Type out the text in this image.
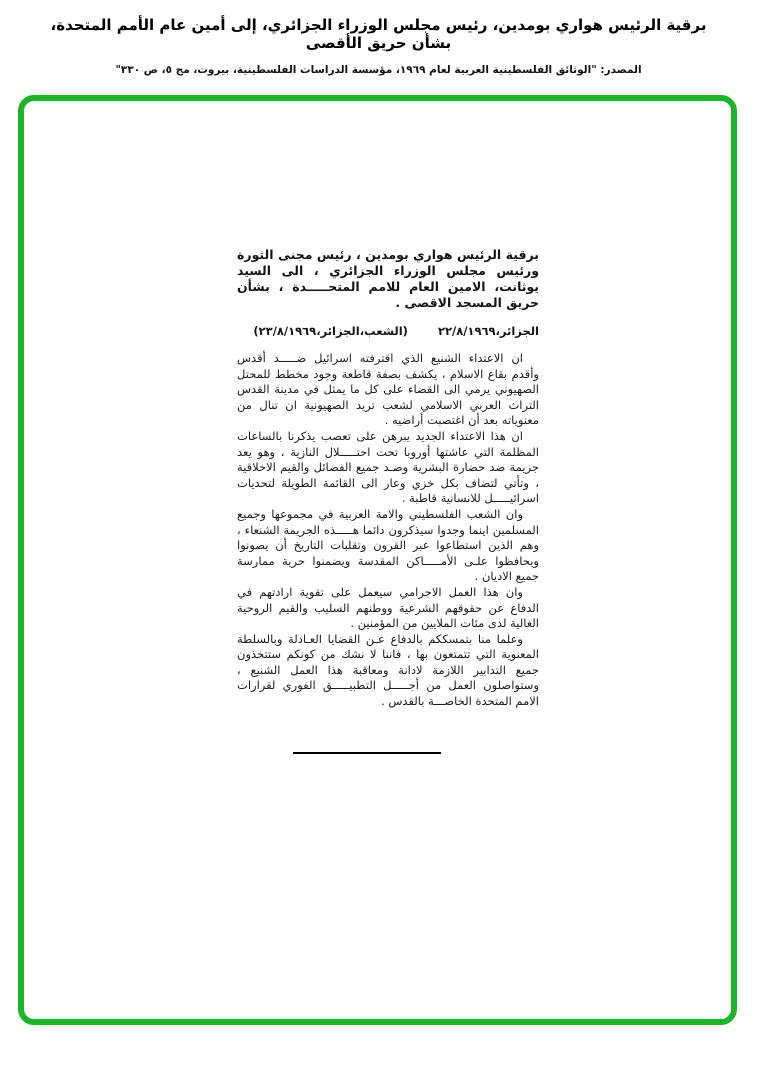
برقية الرئيس هواري بومدين، رئيس مجلس الوزراء الجزائري، إلى أمين عام الأمم المتحدة، بشأن حريق الأقصى
المصدر: "الوثائق الفلسطينية العربية لعام ١٩٦٩، مؤسسة الدراسات الفلسطينية، بيروت، مج ٥، ص ٣٣٠"
برقية الرئيس هواري بومدين ، رئيس مجنى الثورة ورئيس مجلس الوزراء الجزائري ، الى السيد يوثانت، الامين العام للامم المتحـــــدة ، بشأن حريق المسجد الاقصى .
الجزائر،٢٢/٨/١٩٦٩ (الشعب،الجزائر،٢٣/٨/١٩٦٩)

ان الاعتداء الشنيع الذي اقترفته اسرائيل ضـــــد أقدس وأقدم بقاع الاسلام ، يكشف بصفة قاطعة وجود مخطط للمحتل الصهيوني يرمي الى القضاء على كل ما يمثل في مدينة القدس التراث العربي الاسلامي لشعب تريد الصهيونية ان تنال من معنوياته بعد أن اغتصبت أراضيه .

ان هذا الاعتداء الجديد يبرهن على تعصب يذكرنا بالساعات المظلمة التي عاشتها أوروبا تحت احتـــــلال النازية ، وهو يعد جريمة ضد حضارة البشرية وضـد جميع الفضائل والقيم الاخلاقية ، وتأتي لتضاف بكل خزي وعار الى القائمة الطويلة لتحديات اسرائيـــــل للانسانية قاطبة .

وان الشعب الفلسطيني والامة العربية في مجموعها وجميع المسلمين اينما وجدوا سيذكرون دائما هـــــذه الجريمة الشنعاء ، وهم الذين استطاعوا عبر القرون وتقلبات التاريخ أن يصونوا ويحافظوا علـى الأمـــــاكن المقدسة ويضمنوا حرية ممارسة جميع الاديان .

وان هذا العمل الاجرامي سيعمل على تقوية ارادتهم في الدفاع عن حقوقهم الشرعية ووطنهم السليب والقيم الروحية الغالية لدى مئات الملايين من المؤمنين .

وعلما منا بتمسككم بالدفاع عـن القضايا العـادلة وبالسلطة المعنوية التي تتمتعون بها ، فاننا لا نشك من كونكم ستتخذون جميع التدابير اللازمة لادانة ومعاقبة هذا العمل الشنيع ، وستواصلون العمل من أجـــــل التطبيـــــق الفوري لقرارات الامم المتحدة الخاصـــة بالقدس .
